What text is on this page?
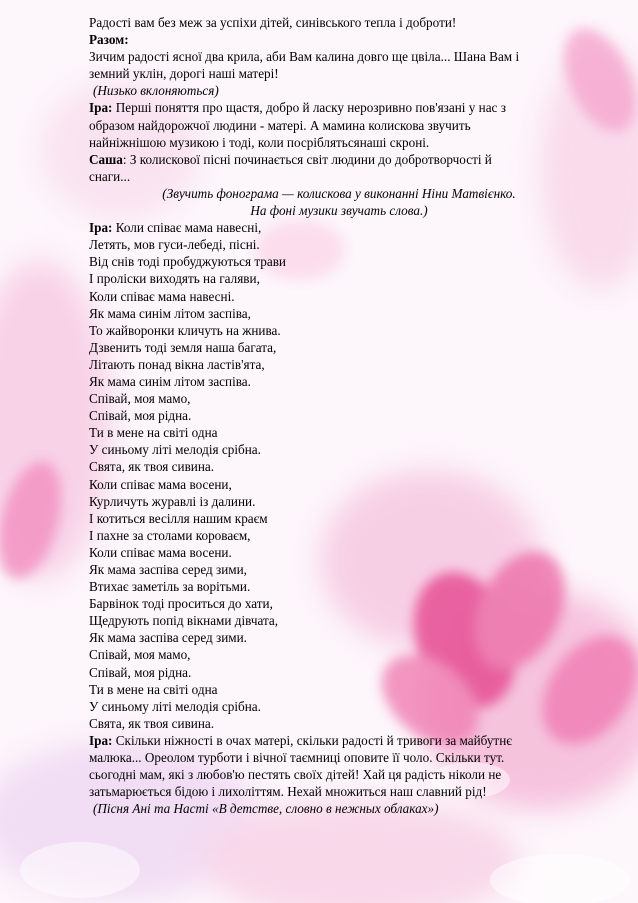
Радості вам без меж за успіхи дітей, синівського тепла і доброти!
Разом:
Зичим радості ясної два крила, аби Вам калина довго ще цвіла... Шана Вам і
земний уклін, дорогі наші матері!
(Низько вклоняються)
Іра: Перші поняття про щастя, добро й ласку нерозривно пов'язані у нас з
образом найдорожчої людини - матері. А мамина колискова звучить
найніжнішою музикою і тоді, коли посріблятьсянаші скроні.
Саша: З колискової пісні починається світ людини до добротворчості й
снаги...
(Звучить фонограма — колискова у виконанні Ніни Матвієнко.
На фоні музики звучать слова.)
Іра: Коли співає мама навесні,
Летять, мов гуси-лебеді, пісні.
Від снів тоді пробуджуються трави
І проліски виходять на галяви,
Коли співає мама навесні.
Як мама синім літом заспіва,
То жайворонки кличуть на жнива.
Дзвенить тоді земля наша багата,
Літають понад вікна ластів'ята,
Як мама синім літом заспіва.
Співай, моя мамо,
Співай, моя рідна.
Ти в мене на світі одна
У синьому літі мелодія срібна.
Свята, як твоя сивина.
Коли співає мама восени,
Курличуть журавлі із далини.
І котиться весілля нашим краєм
І пахне за столами короваєм,
Коли співає мама восени.
Як мама заспіва серед зими,
Втихає заметіль за ворітьми.
Барвінок тоді проситься до хати,
Щедрують попід вікнами дівчата,
Як мама заспіва серед зими.
Співай, моя мамо,
Співай, моя рідна.
Ти в мене на світі одна
У синьому літі мелодія срібна.
Свята, як твоя сивина.
Іра: Скільки ніжності в очах матері, скільки радості й тривоги за майбутнє
малюка... Ореолом турботи і вічної таємниці оповите її чоло. Скільки тут.
сьогодні мам, які з любов'ю пестять своїх дітей! Хай ця радість ніколи не
затьмарюється бідою і лихоліттям. Нехай множиться наш славний рід!
(Пісня Ані та Насті «В детстве, словно в нежных облаках»)
